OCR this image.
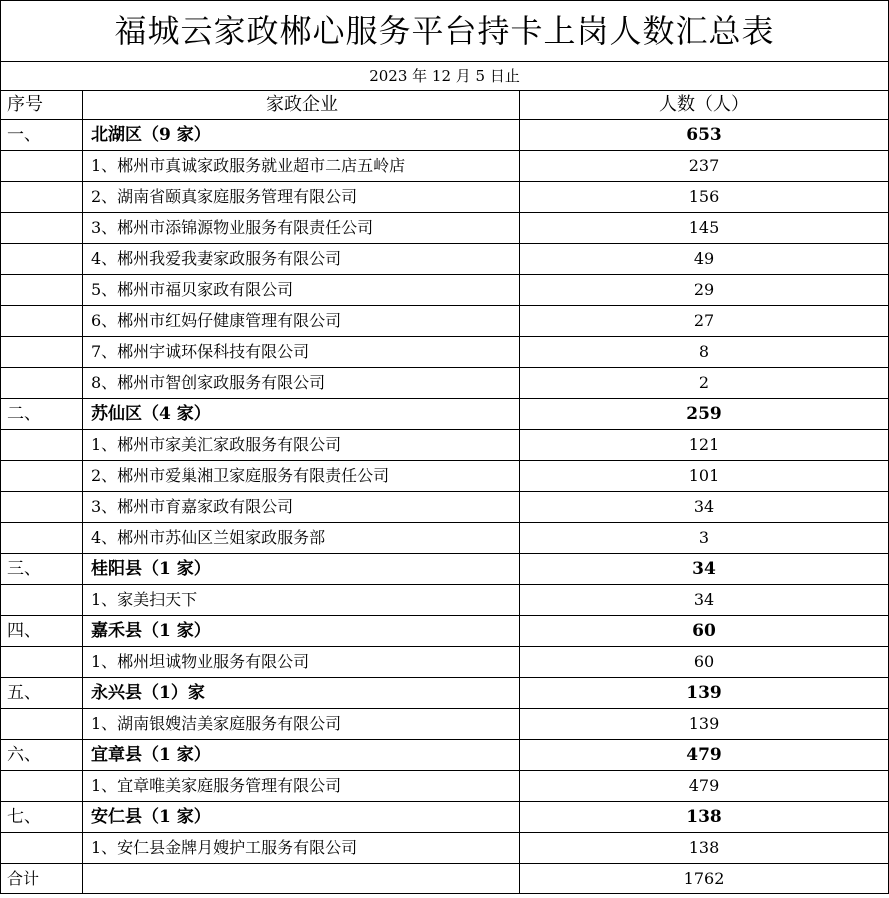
福城云家政郴心服务平台持卡上岗人数汇总表		
2023 年 12 月 5 日止		
序号	家政企业	人数（人）
一、	北湖区（9 家）	653
	1、郴州市真诚家政服务就业超市二店五岭店	237
	2、湖南省颐真家庭服务管理有限公司	156
	3、郴州市添锦源物业服务有限责任公司	145
	4、郴州我爱我妻家政服务有限公司	49
	5、郴州市福贝家政有限公司	29
	6、郴州市红妈仔健康管理有限公司	27
	7、郴州宇诚环保科技有限公司	8
	8、郴州市智创家政服务有限公司	2
二、	苏仙区（4 家）	259
	1、郴州市家美汇家政服务有限公司	121
	2、郴州市爱巢湘卫家庭服务有限责任公司	101
	3、郴州市育嘉家政有限公司	34
	4、郴州市苏仙区兰姐家政服务部	3
三、	桂阳县（1 家）	34
	1、家美扫天下	34
四、	嘉禾县（1 家）	60
	1、郴州坦诚物业服务有限公司	60
五、	永兴县（1）家	139
	1、湖南银嫂洁美家庭服务有限公司	139
六、	宜章县（1 家）	479
	1、宜章唯美家庭服务管理有限公司	479
七、	安仁县（1 家）	138
	1、安仁县金牌月嫂护工服务有限公司	138
合计		1762
